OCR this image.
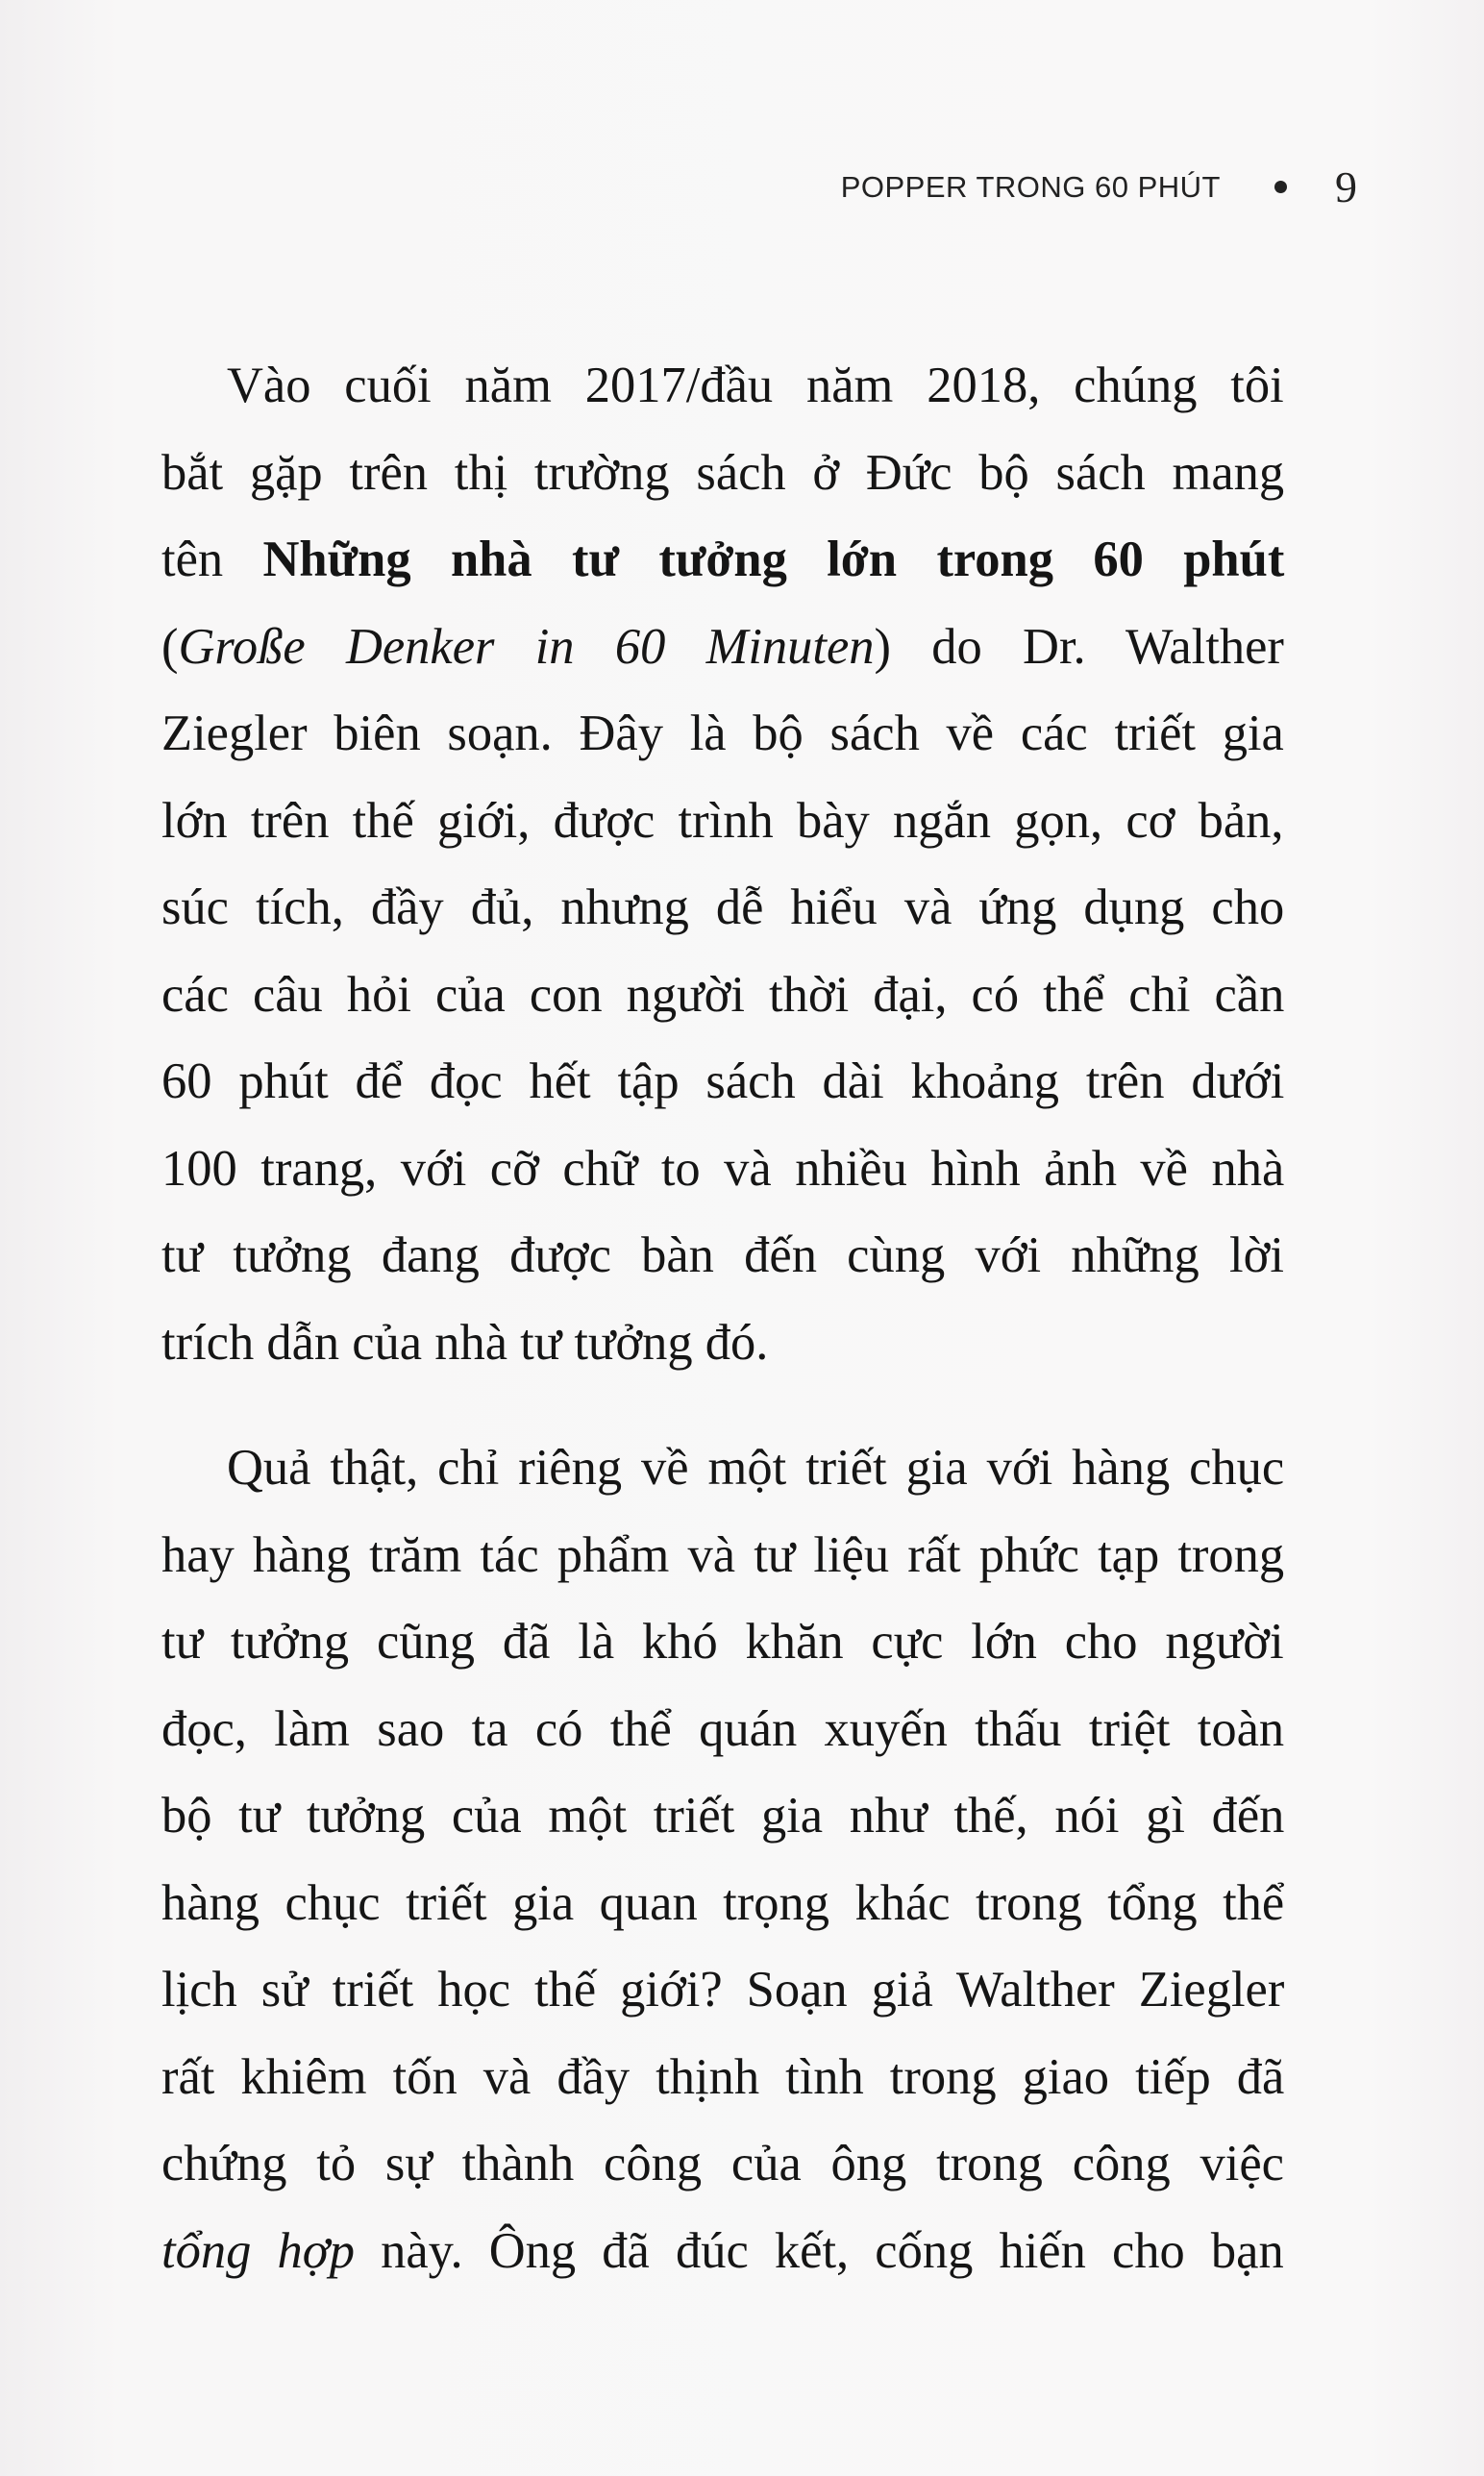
POPPER TRONG 60 PHÚT	9
Vào cuối năm 2017/đầu năm 2018, chúng tôi
bắt gặp trên thị trường sách ở Đức bộ sách mang
tên Những nhà tư tưởng lớn trong 60 phút
(Große Denker in 60 Minuten) do Dr. Walther
Ziegler biên soạn. Đây là bộ sách về các triết gia
lớn trên thế giới, được trình bày ngắn gọn, cơ bản,
súc tích, đầy đủ, nhưng dễ hiểu và ứng dụng cho
các câu hỏi của con người thời đại, có thể chỉ cần
60 phút để đọc hết tập sách dài khoảng trên dưới
100 trang, với cỡ chữ to và nhiều hình ảnh về nhà
tư tưởng đang được bàn đến cùng với những lời
trích dẫn của nhà tư tưởng đó.
Quả thật, chỉ riêng về một triết gia với hàng chục
hay hàng trăm tác phẩm và tư liệu rất phức tạp trong
tư tưởng cũng đã là khó khăn cực lớn cho người
đọc, làm sao ta có thể quán xuyến thấu triệt toàn
bộ tư tưởng của một triết gia như thế, nói gì đến
hàng chục triết gia quan trọng khác trong tổng thể
lịch sử triết học thế giới? Soạn giả Walther Ziegler
rất khiêm tốn và đầy thịnh tình trong giao tiếp đã
chứng tỏ sự thành công của ông trong công việc
tổng hợp này. Ông đã đúc kết, cống hiến cho bạn
